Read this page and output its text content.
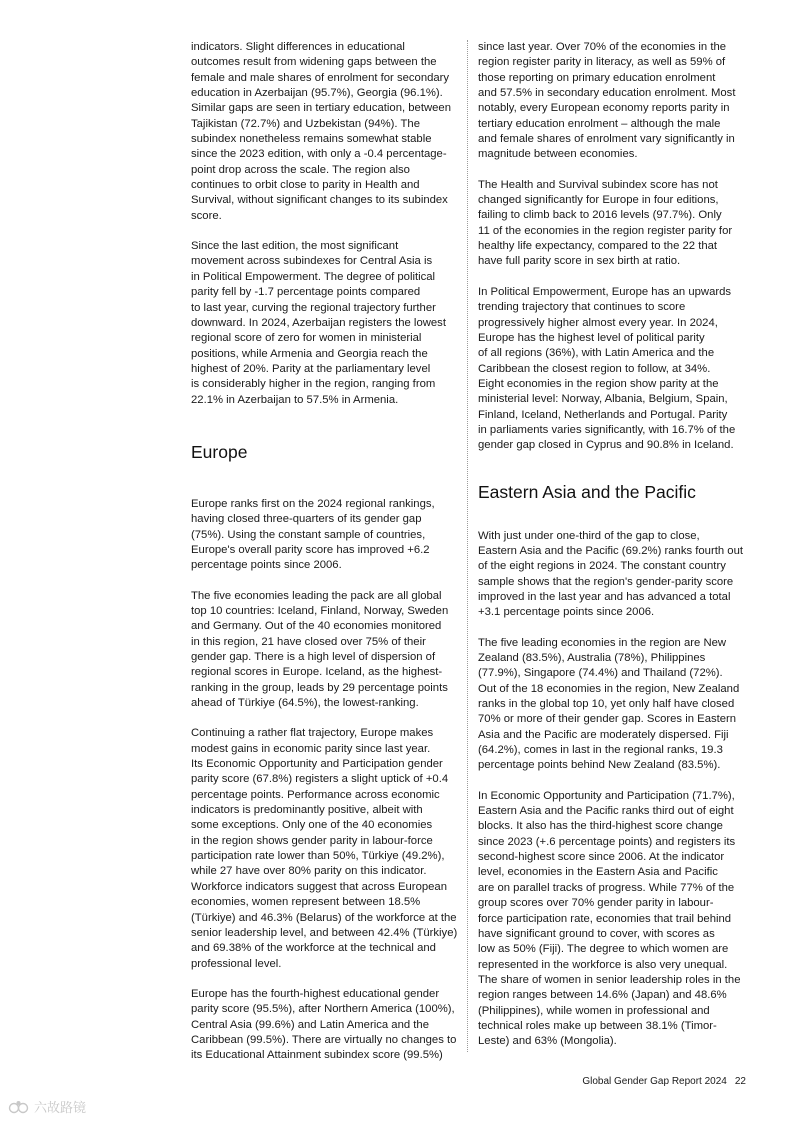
indicators. Slight differences in educational
outcomes result from widening gaps between the
female and male shares of enrolment for secondary
education in Azerbaijan (95.7%), Georgia (96.1%).
Similar gaps are seen in tertiary education, between
Tajikistan (72.7%) and Uzbekistan (94%). The
subindex nonetheless remains somewhat stable
since the 2023 edition, with only a -0.4 percentage-
point drop across the scale. The region also
continues to orbit close to parity in Health and
Survival, without significant changes to its subindex
score.

Since the last edition, the most significant
movement across subindexes for Central Asia is
in Political Empowerment. The degree of political
parity fell by -1.7 percentage points compared
to last year, curving the regional trajectory further
downward. In 2024, Azerbaijan registers the lowest
regional score of zero for women in ministerial
positions, while Armenia and Georgia reach the
highest of 20%. Parity at the parliamentary level
is considerably higher in the region, ranging from
22.1% in Azerbaijan to 57.5% in Armenia.

Europe

Europe ranks first on the 2024 regional rankings,
having closed three-quarters of its gender gap
(75%). Using the constant sample of countries,
Europe's overall parity score has improved +6.2
percentage points since 2006.

The five economies leading the pack are all global
top 10 countries: Iceland, Finland, Norway, Sweden
and Germany. Out of the 40 economies monitored
in this region, 21 have closed over 75% of their
gender gap. There is a high level of dispersion of
regional scores in Europe. Iceland, as the highest-
ranking in the group, leads by 29 percentage points
ahead of Türkiye (64.5%), the lowest-ranking.

Continuing a rather flat trajectory, Europe makes
modest gains in economic parity since last year.
Its Economic Opportunity and Participation gender
parity score (67.8%) registers a slight uptick of +0.4
percentage points. Performance across economic
indicators is predominantly positive, albeit with
some exceptions. Only one of the 40 economies
in the region shows gender parity in labour-force
participation rate lower than 50%, Türkiye (49.2%),
while 27 have over 80% parity on this indicator.
Workforce indicators suggest that across European
economies, women represent between 18.5%
(Türkiye) and 46.3% (Belarus) of the workforce at the
senior leadership level, and between 42.4% (Türkiye)
and 69.38% of the workforce at the technical and
professional level.

Europe has the fourth-highest educational gender
parity score (95.5%), after Northern America (100%),
Central Asia (99.6%) and Latin America and the
Caribbean (99.5%). There are virtually no changes to
its Educational Attainment subindex score (99.5%)

since last year. Over 70% of the economies in the
region register parity in literacy, as well as 59% of
those reporting on primary education enrolment
and 57.5% in secondary education enrolment. Most
notably, every European economy reports parity in
tertiary education enrolment – although the male
and female shares of enrolment vary significantly in
magnitude between economies.

The Health and Survival subindex score has not
changed significantly for Europe in four editions,
failing to climb back to 2016 levels (97.7%). Only
11 of the economies in the region register parity for
healthy life expectancy, compared to the 22 that
have full parity score in sex birth at ratio.

In Political Empowerment, Europe has an upwards
trending trajectory that continues to score
progressively higher almost every year. In 2024,
Europe has the highest level of political parity
of all regions (36%), with Latin America and the
Caribbean the closest region to follow, at 34%.
Eight economies in the region show parity at the
ministerial level: Norway, Albania, Belgium, Spain,
Finland, Iceland, Netherlands and Portugal. Parity
in parliaments varies significantly, with 16.7% of the
gender gap closed in Cyprus and 90.8% in Iceland.

Eastern Asia and the Pacific

With just under one-third of the gap to close,
Eastern Asia and the Pacific (69.2%) ranks fourth out
of the eight regions in 2024. The constant country
sample shows that the region's gender-parity score
improved in the last year and has advanced a total
+3.1 percentage points since 2006.

The five leading economies in the region are New
Zealand (83.5%), Australia (78%), Philippines
(77.9%), Singapore (74.4%) and Thailand (72%).
Out of the 18 economies in the region, New Zealand
ranks in the global top 10, yet only half have closed
70% or more of their gender gap. Scores in Eastern
Asia and the Pacific are moderately dispersed. Fiji
(64.2%), comes in last in the regional ranks, 19.3
percentage points behind New Zealand (83.5%).

In Economic Opportunity and Participation (71.7%),
Eastern Asia and the Pacific ranks third out of eight
blocks. It also has the third-highest score change
since 2023 (+.6 percentage points) and registers its
second-highest score since 2006. At the indicator
level, economies in the Eastern Asia and Pacific
are on parallel tracks of progress. While 77% of the
group scores over 70% gender parity in labour-
force participation rate, economies that trail behind
have significant ground to cover, with scores as
low as 50% (Fiji). The degree to which women are
represented in the workforce is also very unequal.
The share of women in senior leadership roles in the
region ranges between 14.6% (Japan) and 48.6%
(Philippines), while women in professional and
technical roles make up between 38.1% (Timor-
Leste) and 63% (Mongolia).

Global Gender Gap Report 2024 22
六故路镜
